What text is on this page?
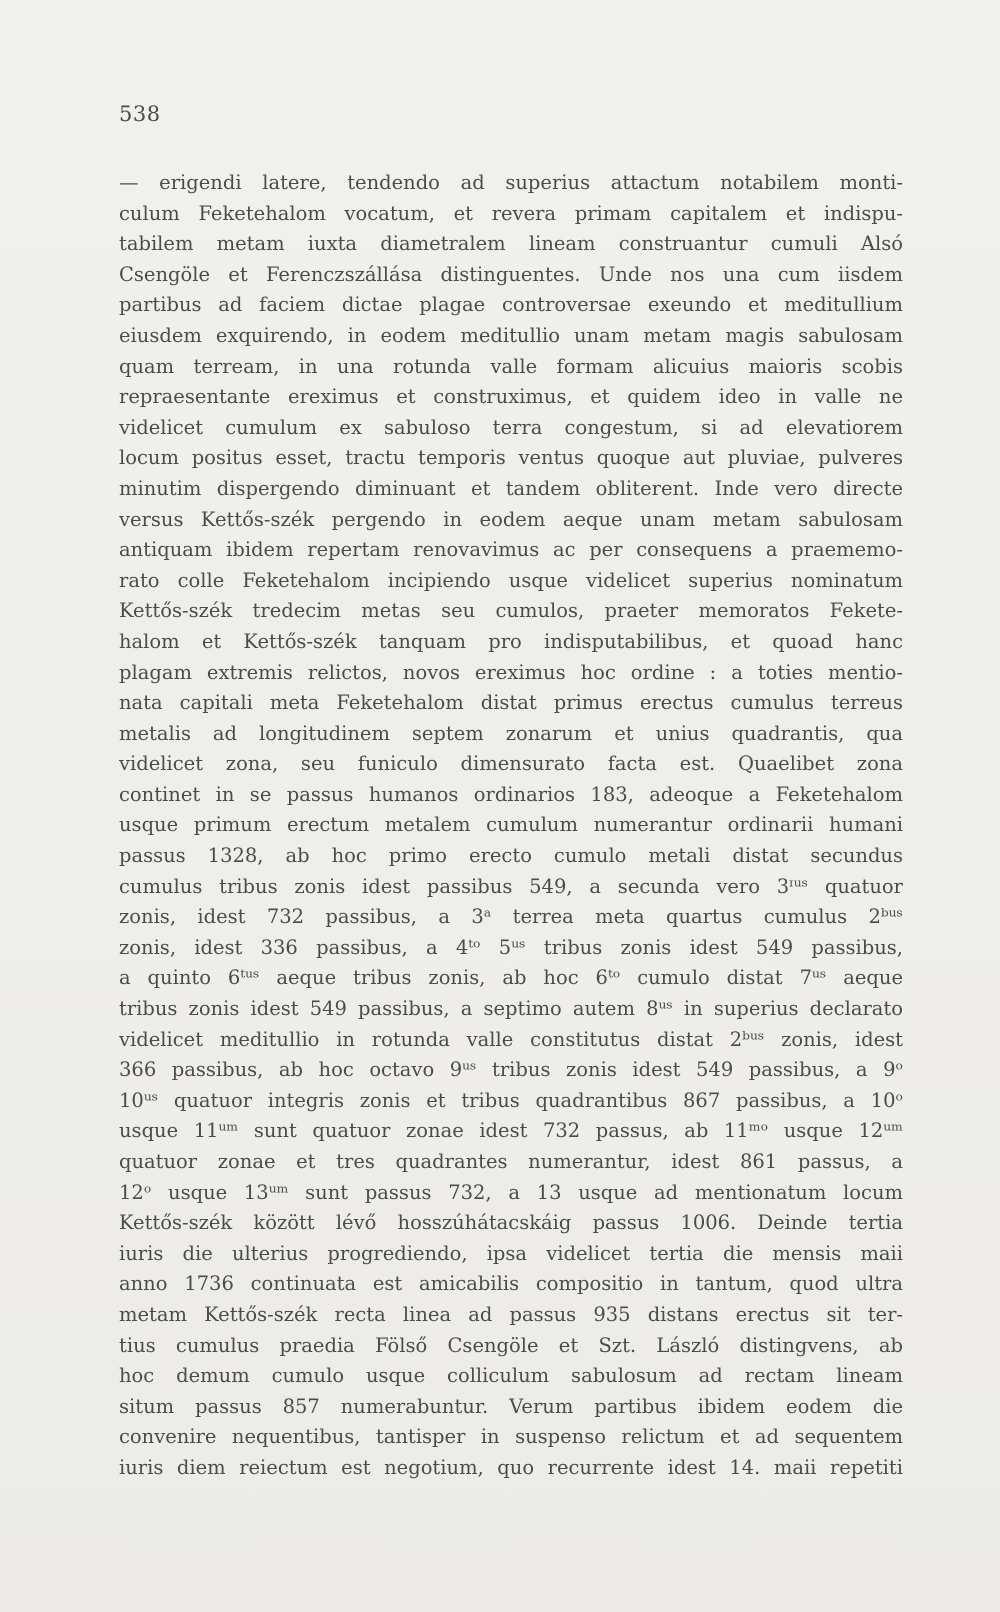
538
— erigendi latere, tendendo ad superius attactum notabilem monti-
culum Feketehalom vocatum, et revera primam capitalem et indispu-
tabilem metam iuxta diametralem lineam construantur cumuli Alsó
Csengöle et Ferenczszállása distinguentes. Unde nos una cum iisdem
partibus ad faciem dictae plagae controversae exeundo et meditullium
eiusdem exquirendo, in eodem meditullio unam metam magis sabulosam
quam terream, in una rotunda valle formam alicuius maioris scobis
repraesentante ereximus et construximus, et quidem ideo in valle ne
videlicet cumulum ex sabuloso terra congestum, si ad elevatiorem
locum positus esset, tractu temporis ventus quoque aut pluviae, pulveres
minutim dispergendo diminuant et tandem obliterent. Inde vero directe
versus Kettős-szék pergendo in eodem aeque unam metam sabulosam
antiquam ibidem repertam renovavimus ac per consequens a praememo-
rato colle Feketehalom incipiendo usque videlicet superius nominatum
Kettős-szék tredecim metas seu cumulos, praeter memoratos Fekete-
halom et Kettős-szék tanquam pro indisputabilibus, et quoad hanc
plagam extremis relictos, novos ereximus hoc ordine : a toties mentio-
nata capitali meta Feketehalom distat primus erectus cumulus terreus
metalis ad longitudinem septem zonarum et unius quadrantis, qua
videlicet zona, seu funiculo dimensurato facta est. Quaelibet zona
continet in se passus humanos ordinarios 183, adeoque a Feketehalom
usque primum erectum metalem cumulum numerantur ordinarii humani
passus 1328, ab hoc primo erecto cumulo metali distat secundus
cumulus tribus zonis idest passibus 549, a secunda vero 3ᶦᵘˢ quatuor
zonis, idest 732 passibus, a 3ᵃ terrea meta quartus cumulus 2ᵇᵘˢ
zonis, idest 336 passibus, a 4ᵗᵒ 5ᵘˢ tribus zonis idest 549 passibus,
a quinto 6ᵗᵘˢ aeque tribus zonis, ab hoc 6ᵗᵒ cumulo distat 7ᵘˢ aeque
tribus zonis idest 549 passibus, a septimo autem 8ᵘˢ in superius declarato
videlicet meditullio in rotunda valle constitutus distat 2ᵇᵘˢ zonis, idest
366 passibus, ab hoc octavo 9ᵘˢ tribus zonis idest 549 passibus, a 9ᵒ
10ᵘˢ quatuor integris zonis et tribus quadrantibus 867 passibus, a 10ᵒ
usque 11ᵘᵐ sunt quatuor zonae idest 732 passus, ab 11ᵐᵒ usque 12ᵘᵐ
quatuor zonae et tres quadrantes numerantur, idest 861 passus, a
12ᵒ usque 13ᵘᵐ sunt passus 732, a 13 usque ad mentionatum locum
Kettős-szék között lévő hosszúhátacskáig passus 1006. Deinde tertia
iuris die ulterius progrediendo, ipsa videlicet tertia die mensis maii
anno 1736 continuata est amicabilis compositio in tantum, quod ultra
metam Kettős-szék recta linea ad passus 935 distans erectus sit ter-
tius cumulus praedia Fölső Csengöle et Szt. László distingvens, ab
hoc demum cumulo usque colliculum sabulosum ad rectam lineam
situm passus 857 numerabuntur. Verum partibus ibidem eodem die
convenire nequentibus, tantisper in suspenso relictum et ad sequentem
iuris diem reiectum est negotium, quo recurrente idest 14. maii repetiti
